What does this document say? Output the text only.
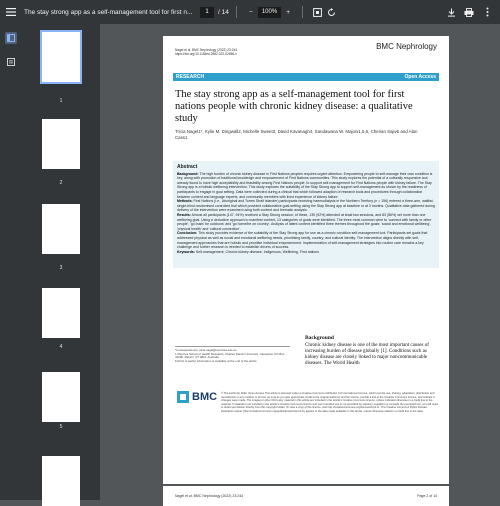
The stay strong app as a self-management tool for first n...	1	/ 14	−	100%	+
1
2
3
4
5
Nagel et al. BMC Nephrology (2022) 23:244
https://doi.org/10.1186/s12882-022-02856-x
BMC Nephrology
RESEARCH	Open Access
The stay strong app as a self-management tool for first nations people with chronic kidney disease: a qualitative study
Tricia Nagel1*, Kylie M. Dingwall2, Michelle Sweet3, David Kavanagh4, Sandawana W. Majoni1,5,6, Cherian Sajiv6 and Alan Cass1
Abstract

Background: The high burden of chronic kidney disease in First Nations peoples requires urgent attention. Empowering people to self-manage their own condition is key, along with promotion of traditional knowledge and empowerment of First Nations communities. This study explores the potential of a culturally responsive tool, already found to have high acceptability and feasibility among First Nations people, to support self-management for First Nations people with kidney failure. The Stay Strong app is a holistic wellbeing intervention. This study explores the suitability of the Stay Strong app to support self-management as shown by the readiness of participants to engage in goal setting. Data were collected during a clinical trial which followed adaption of research tools and procedures through collaboration between content and language experts, and community members with lived experience of kidney failure.

Methods: First Nations (i.e., Aboriginal and Torres Strait Islander) participants receiving haemodialysis in the Northern Territory (n = 156) entered a three-arm, waitlist, single-blind randomised controlled trial which provided collaborative goal-setting using the Stay Strong app at baseline or at 3 months. Qualitative data gathered during delivery of the intervention were examined using both content and thematic analysis.

Results: Almost all participants (147, 94%) received a Stay Strong session; of these, 135 (92%) attended at least two sessions, and 83 (56%) set more than one wellbeing goal. Using a deductive approach to manifest content, 13 categories of goals were identified. The three most common were to 'connect with family or other people', 'go bush/ be outdoors' and 'go home/be on country'. Analysis of latent content identified three themes throughout the goals: 'social and emotional wellbeing', 'physical health' and 'cultural connection'.

Conclusion: This study provides evidence of the suitability of the Stay Strong app for use as a chronic condition self-management tool. Participants set goals that addressed physical as well as social and emotional wellbeing needs, prioritising family, country, and cultural identity. The intervention aligns directly with self-management approaches that are holistic and prioritise individual empowerment. Implementation of self-management strategies into routine care remains a key challenge and further research is needed to establish drivers of success.

Keywords: Self-management, Chronic kidney disease, Indigenous, Wellbeing, First nations

Background
Chronic kidney disease is one of the most important causes of increasing burden of disease globally [1]. Conditions such as kidney disease are closely linked to major noncommunicable diseases. The World Health
*Correspondence: tricia.nagel@menzies.edu.au
1 Menzies School of Health Research, Charles Darwin University, Casuarina, PO Box 41096, Darwin, NT 0811, Australia
Full list of author information is available at the end of the article
BMC © The Author(s) 2022. Open Access This article is licensed under a Creative Commons Attribution 4.0 International License, which permits use, sharing, adaptation, distribution and reproduction in any medium or format, as long as you give appropriate credit to the original author(s) and the source, provide a link to the Creative Commons licence, and indicate if changes were made. The images or other third party material in this article are included in the article's Creative Commons licence, unless indicated otherwise in a credit line to the material. If material is not included in the article's Creative Commons licence and your intended use is not permitted by statutory regulation or exceeds the permitted use, you will need to obtain permission directly from the copyright holder. To view a copy of this licence, visit http://creativecommons.org/licenses/by/4.0/. The Creative Commons Public Domain Dedication waiver (http://creativecommons.org/publicdomain/zero/1.0/) applies to the data made available in this article, unless otherwise stated in a credit line to the data.
Nagel et al. BMC Nephrology (2022) 23:244	Page 2 of 14
